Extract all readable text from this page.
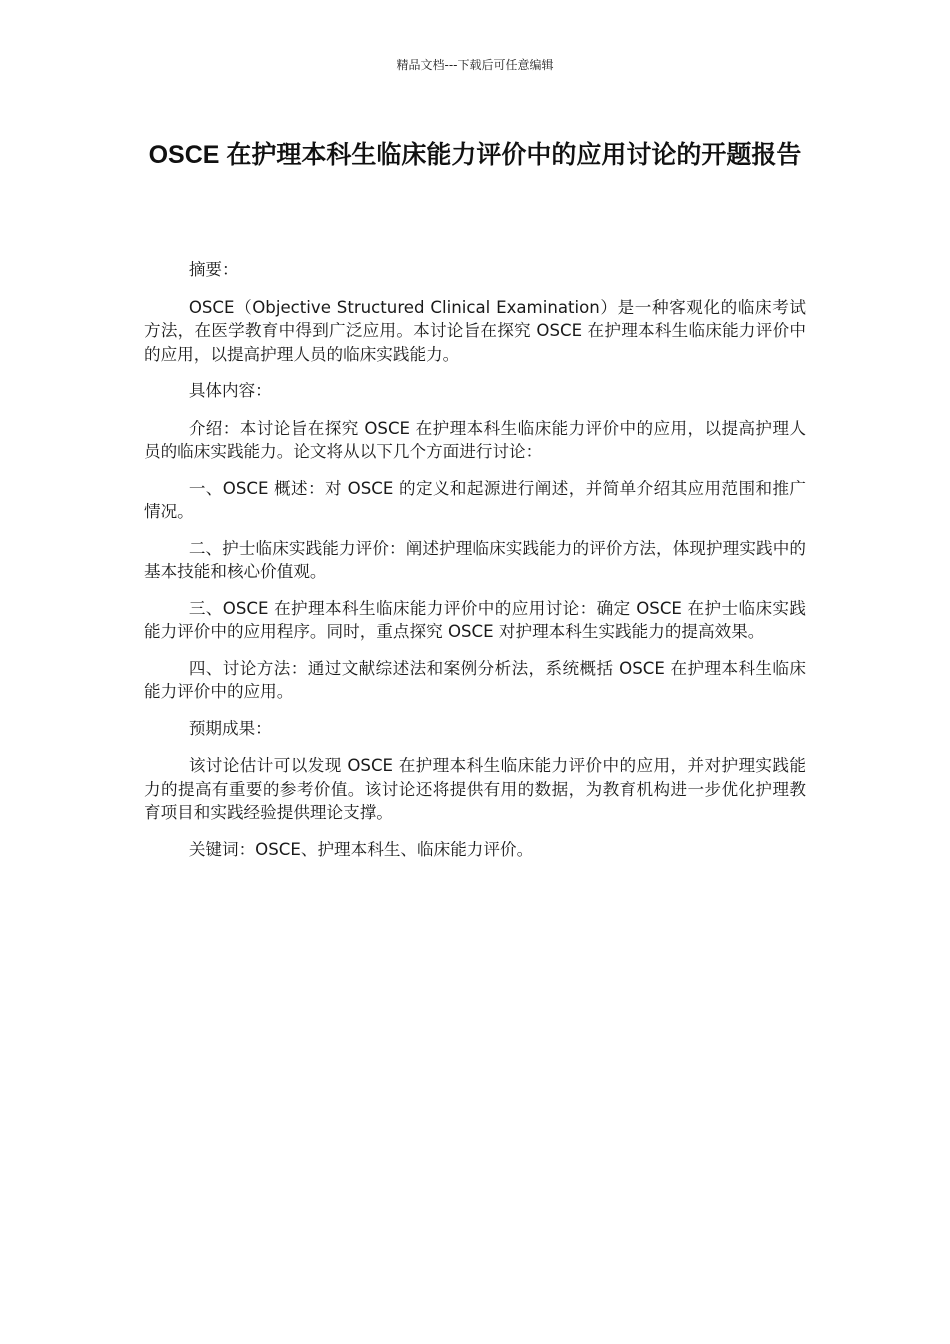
精品文档---下载后可任意编辑
OSCE 在护理本科生临床能力评价中的应用讨论的开题报告

摘要：

OSCE（Objective Structured Clinical Examination）是一种客观化的临床考试方法，在医学教育中得到广泛应用。本讨论旨在探究 OSCE 在护理本科生临床能力评价中的应用，以提高护理人员的临床实践能力。

具体内容：

介绍：本讨论旨在探究 OSCE 在护理本科生临床能力评价中的应用，以提高护理人员的临床实践能力。论文将从以下几个方面进行讨论：

一、OSCE 概述：对 OSCE 的定义和起源进行阐述，并简单介绍其应用范围和推广情况。

二、护士临床实践能力评价：阐述护理临床实践能力的评价方法，体现护理实践中的基本技能和核心价值观。

三、OSCE 在护理本科生临床能力评价中的应用讨论：确定 OSCE 在护士临床实践能力评价中的应用程序。同时，重点探究 OSCE 对护理本科生实践能力的提高效果。

四、讨论方法：通过文献综述法和案例分析法，系统概括 OSCE 在护理本科生临床能力评价中的应用。

预期成果：

该讨论估计可以发现 OSCE 在护理本科生临床能力评价中的应用，并对护理实践能力的提高有重要的参考价值。该讨论还将提供有用的数据，为教育机构进一步优化护理教育项目和实践经验提供理论支撑。

关键词：OSCE、护理本科生、临床能力评价。
